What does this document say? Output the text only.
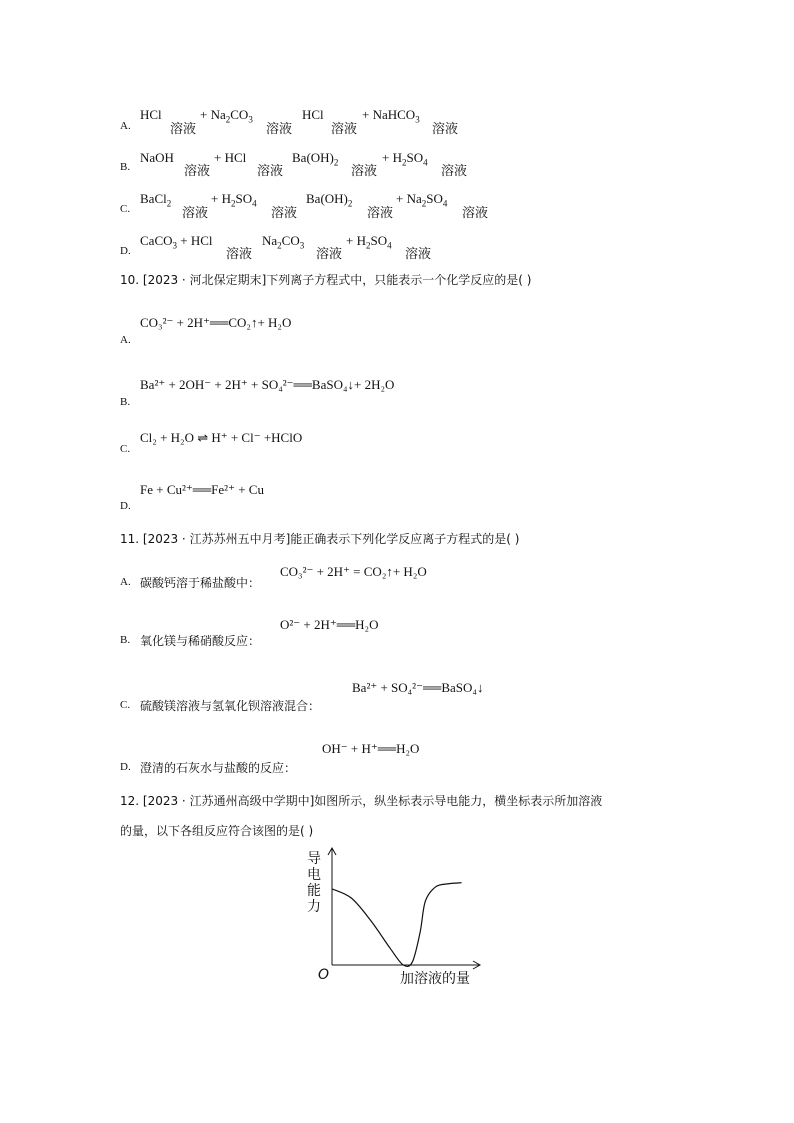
A.
HCl
溶液
+ $Na_2CO_3$
溶液
HCl
溶液
+ NaHCO$_3$
溶液
B.
NaOH
溶液
+ HCl
溶液
$Ba(OH)_2$
溶液
+ $H_2SO_4$
溶液
C.
BaCl$_2$
溶液
+ $H_2SO_4$
溶液
$Ba(OH)_2$
溶液
+ $Na_2SO_4$
溶液
D.
CaCO$_3$ + HCl
溶液
$Na_2CO_3$
溶液
+ $H_2SO_4$
溶液
10. [2023 · 河北保定期末]下列离子方程式中，只能表示一个化学反应的是( )
CO₃²⁻ + 2H⁺══CO₂↑+ H₂O
A.
Ba²⁺ + 2OH⁻ + 2H⁺ + SO₄²⁻══BaSO₄↓+ 2H₂O
B.
Cl₂ + H₂O ⇌ H⁺ + Cl⁻ +HClO
C.
Fe + Cu²⁺══Fe²⁺ + Cu
D.
11. [2023 · 江苏苏州五中月考]能正确表示下列化学反应离子方程式的是( )
A. 碳酸钙溶于稀盐酸中：
CO₃²⁻ + 2H⁺ = CO₂↑+ H₂O
B. 氧化镁与稀硝酸反应：
O²⁻ + 2H⁺══H₂O
C. 硫酸镁溶液与氢氧化钡溶液混合：
Ba²⁺ + SO₄²⁻══BaSO₄↓
D. 澄清的石灰水与盐酸的反应：
OH⁻ + H⁺══H₂O
12. [2023 · 江苏通州高级中学期中]如图所示，纵坐标表示导电能力，横坐标表示所加溶液
的量，以下各组反应符合该图的是( )
导
电
能
力
加溶液的量
O
